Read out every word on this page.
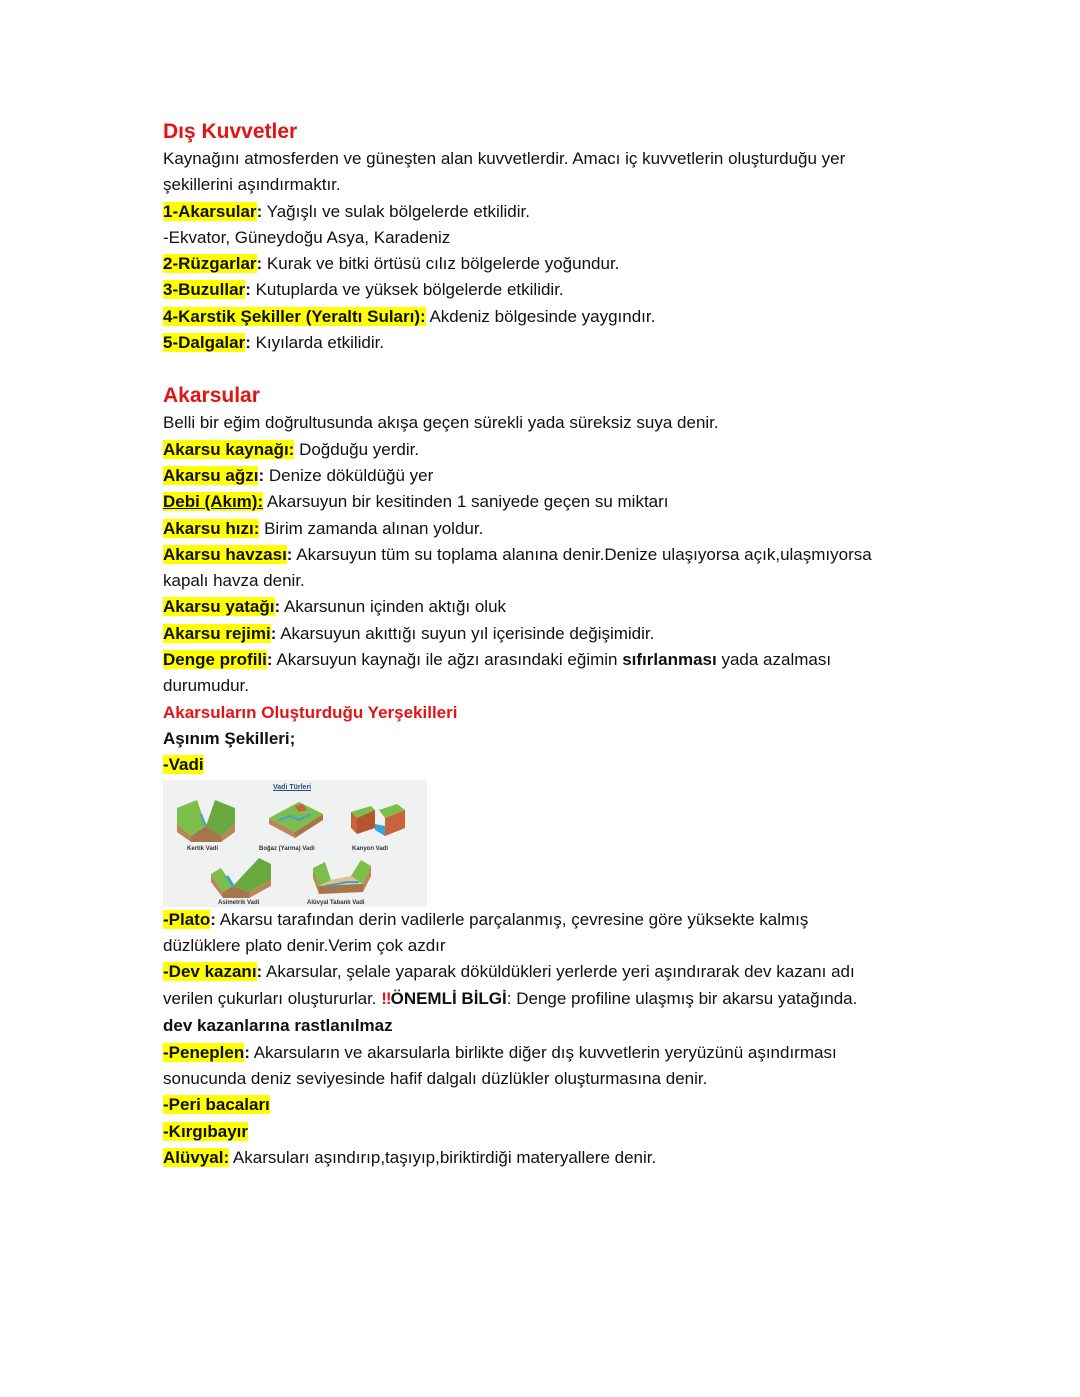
Dış Kuvvetler
Kaynağını atmosferden ve güneşten alan kuvvetlerdir. Amacı iç kuvvetlerin oluşturduğu yer
şekillerini aşındırmaktır.
1-Akarsular: Yağışlı ve sulak bölgelerde etkilidir.
-Ekvator, Güneydoğu Asya, Karadeniz
2-Rüzgarlar: Kurak ve bitki örtüsü cılız bölgelerde yoğundur.
3-Buzullar: Kutuplarda ve yüksek bölgelerde etkilidir.
4-Karstik Şekiller (Yeraltı Suları): Akdeniz bölgesinde yaygındır.
5-Dalgalar: Kıyılarda etkilidir.
Akarsular
Belli bir eğim doğrultusunda akışa geçen sürekli yada süreksiz suya denir.
Akarsu kaynağı: Doğduğu yerdir.
Akarsu ağzı: Denize döküldüğü yer
Debi (Akım): Akarsuyun bir kesitinden 1 saniyede geçen su miktarı
Akarsu hızı: Birim zamanda alınan yoldur.
Akarsu havzası: Akarsuyun tüm su toplama alanına denir.Denize ulaşıyorsa açık,ulaşmıyorsa
kapalı havza denir.
Akarsu yatağı: Akarsunun içinden aktığı oluk
Akarsu rejimi: Akarsuyun akıttığı suyun yıl içerisinde değişimidir.
Denge profili: Akarsuyun kaynağı ile ağzı arasındaki eğimin sıfırlanması yada azalması
durumudur.
Akarsuların Oluşturduğu Yerşekilleri
Aşınım Şekilleri;
-Vadi
Vadi Türleri
Kertik Vadi	Boğaz (Yarma) Vadi	Kanyon Vadi
Asimetrik Vadi	Alüvyal Tabanlı Vadi
-Plato: Akarsu tarafından derin vadilerle parçalanmış, çevresine göre yüksekte kalmış
düzlüklere plato denir.Verim çok azdır
-Dev kazanı: Akarsular, şelale yaparak döküldükleri yerlerde yeri aşındırarak dev kazanı adı
verilen çukurları oluştururlar. !!ÖNEMLİ BİLGİ: Denge profiline ulaşmış bir akarsu yatağında.
dev kazanlarına rastlanılmaz
-Peneplen: Akarsuların ve akarsularla birlikte diğer dış kuvvetlerin yeryüzünü aşındırması
sonucunda deniz seviyesinde hafif dalgalı düzlükler oluşturmasına denir.
-Peri bacaları
-Kırgıbayır
Alüvyal: Akarsuları aşındırıp,taşıyıp,biriktirdiği materyallere denir.
